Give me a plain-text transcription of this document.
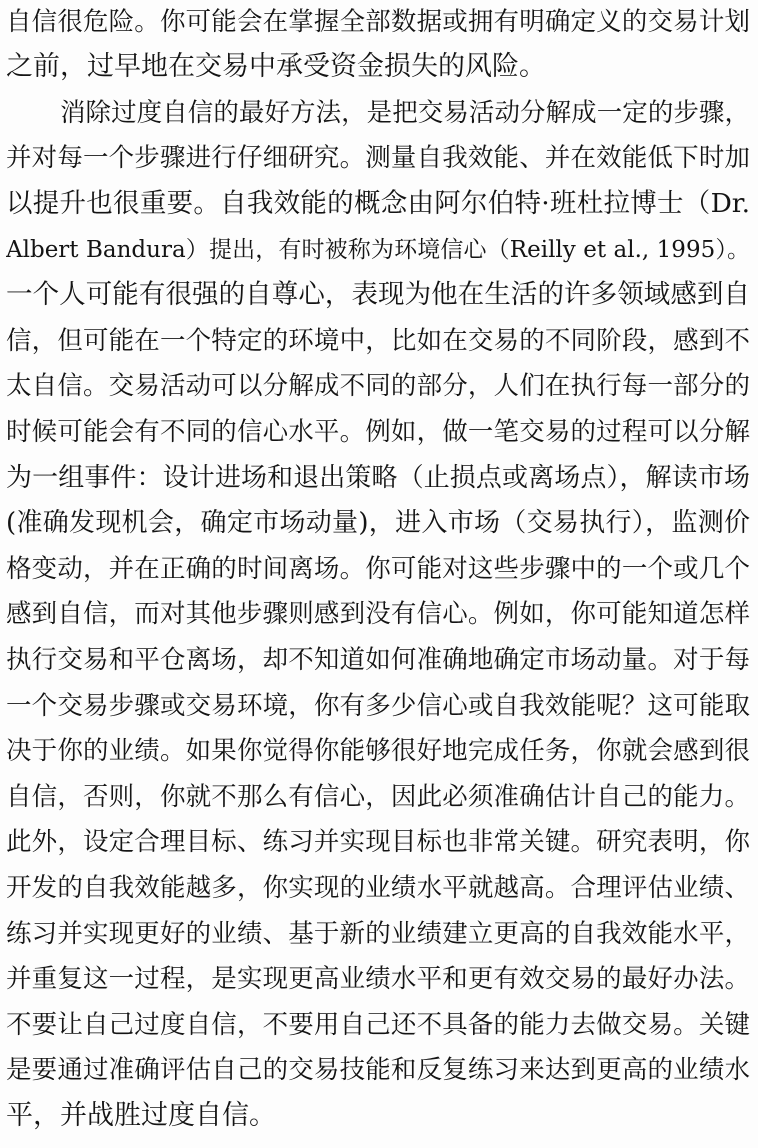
自信很危险。你可能会在掌握全部数据或拥有明确定义的交易计划
之前，过早地在交易中承受资金损失的风险。
消除过度自信的最好方法，是把交易活动分解成一定的步骤，
并对每一个步骤进行仔细研究。测量自我效能、并在效能低下时加
以提升也很重要。自我效能的概念由阿尔伯特·班杜拉博士（Dr.
Albert Bandura）提出，有时被称为环境信心（Reilly et al., 1995）。
一个人可能有很强的自尊心，表现为他在生活的许多领域感到自
信，但可能在一个特定的环境中，比如在交易的不同阶段，感到不
太自信。交易活动可以分解成不同的部分，人们在执行每一部分的
时候可能会有不同的信心水平。例如，做一笔交易的过程可以分解
为一组事件：设计进场和退出策略（止损点或离场点），解读市场
(准确发现机会，确定市场动量)，进入市场（交易执行），监测价
格变动，并在正确的时间离场。你可能对这些步骤中的一个或几个
感到自信，而对其他步骤则感到没有信心。例如，你可能知道怎样
执行交易和平仓离场，却不知道如何准确地确定市场动量。对于每
一个交易步骤或交易环境，你有多少信心或自我效能呢？这可能取
决于你的业绩。如果你觉得你能够很好地完成任务，你就会感到很
自信，否则，你就不那么有信心，因此必须准确估计自己的能力。
此外，设定合理目标、练习并实现目标也非常关键。研究表明，你
开发的自我效能越多，你实现的业绩水平就越高。合理评估业绩、
练习并实现更好的业绩、基于新的业绩建立更高的自我效能水平，
并重复这一过程，是实现更高业绩水平和更有效交易的最好办法。
不要让自己过度自信，不要用自己还不具备的能力去做交易。关键
是要通过准确评估自己的交易技能和反复练习来达到更高的业绩水
平，并战胜过度自信。
